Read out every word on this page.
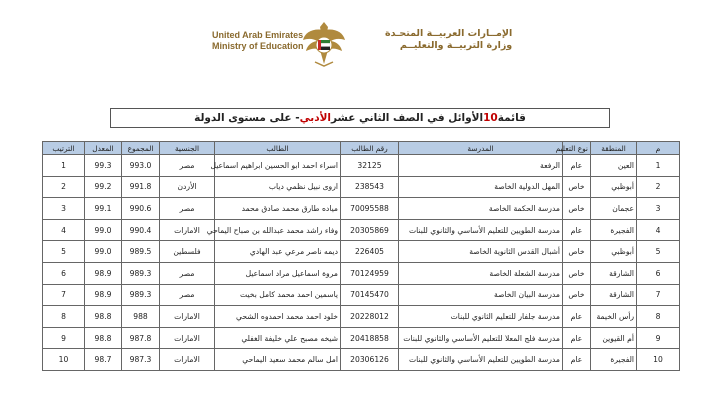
United Arab Emirates
Ministry of Education
الإمــارات العربيــة المتحـدة
وزارة التربيــة والتعليــم
قائمة
10
الأوائل في الصف الثاني عشر
الأدبي
- على مستوى الدولة
م	المنطقة	نوع التعليم	المدرسة	رقم الطالب	الطالب	الجنسية	المجموع	المعدل	الترتيب
1	العين	عام	الرفعة	32125	اسراء احمد ابو الحسين ابراهيم اسماعيل	مصر	993.0	99.3	1
2	أبوظبي	خاص	المهل الدولية الخاصة	238543	اروى نبيل نظمي دياب	الأردن	991.8	99.2	2
3	عجمان	خاص	مدرسة الحكمة الخاصة	70095588	مياده طارق محمد صادق محمد	مصر	990.6	99.1	3
4	الفجيرة	عام	مدرسة الطويين للتعليم الأساسي والثانوي للبنات	20305869	وفاء راشد محمد عبدالله بن صباح اليماحي	الامارات	990.4	99.0	4
5	أبوظبي	خاص	أشبال القدس الثانوية الخاصة	226405	ديمه ناصر مرعي عبد الهادي	فلسطين	989.5	99.0	5
6	الشارقة	خاص	مدرسة الشعلة الخاصة	70124959	مروة اسماعيل مراد اسماعيل	مصر	989.3	98.9	6
7	الشارقة	خاص	مدرسة البيان الخاصة	70145470	ياسمين احمد محمد كامل بخيت	مصر	989.3	98.9	7
8	رأس الخيمة	عام	مدرسة جلفار للتعليم الثانوي للبنات	20228012	خلود احمد محمد احمدوه الشحي	الامارات	988	98.8	8
9	أم القيوين	عام	مدرسة فلج المعلا للتعليم الأساسي والثانوي للبنات	20418858	شيخه مصبح علي خليفة الغفلي	الامارات	987.8	98.8	9
10	الفجيرة	عام	مدرسة الطويين للتعليم الأساسي والثانوي للبنات	20306126	امل سالم محمد سعيد اليماحي	الامارات	987.3	98.7	10
